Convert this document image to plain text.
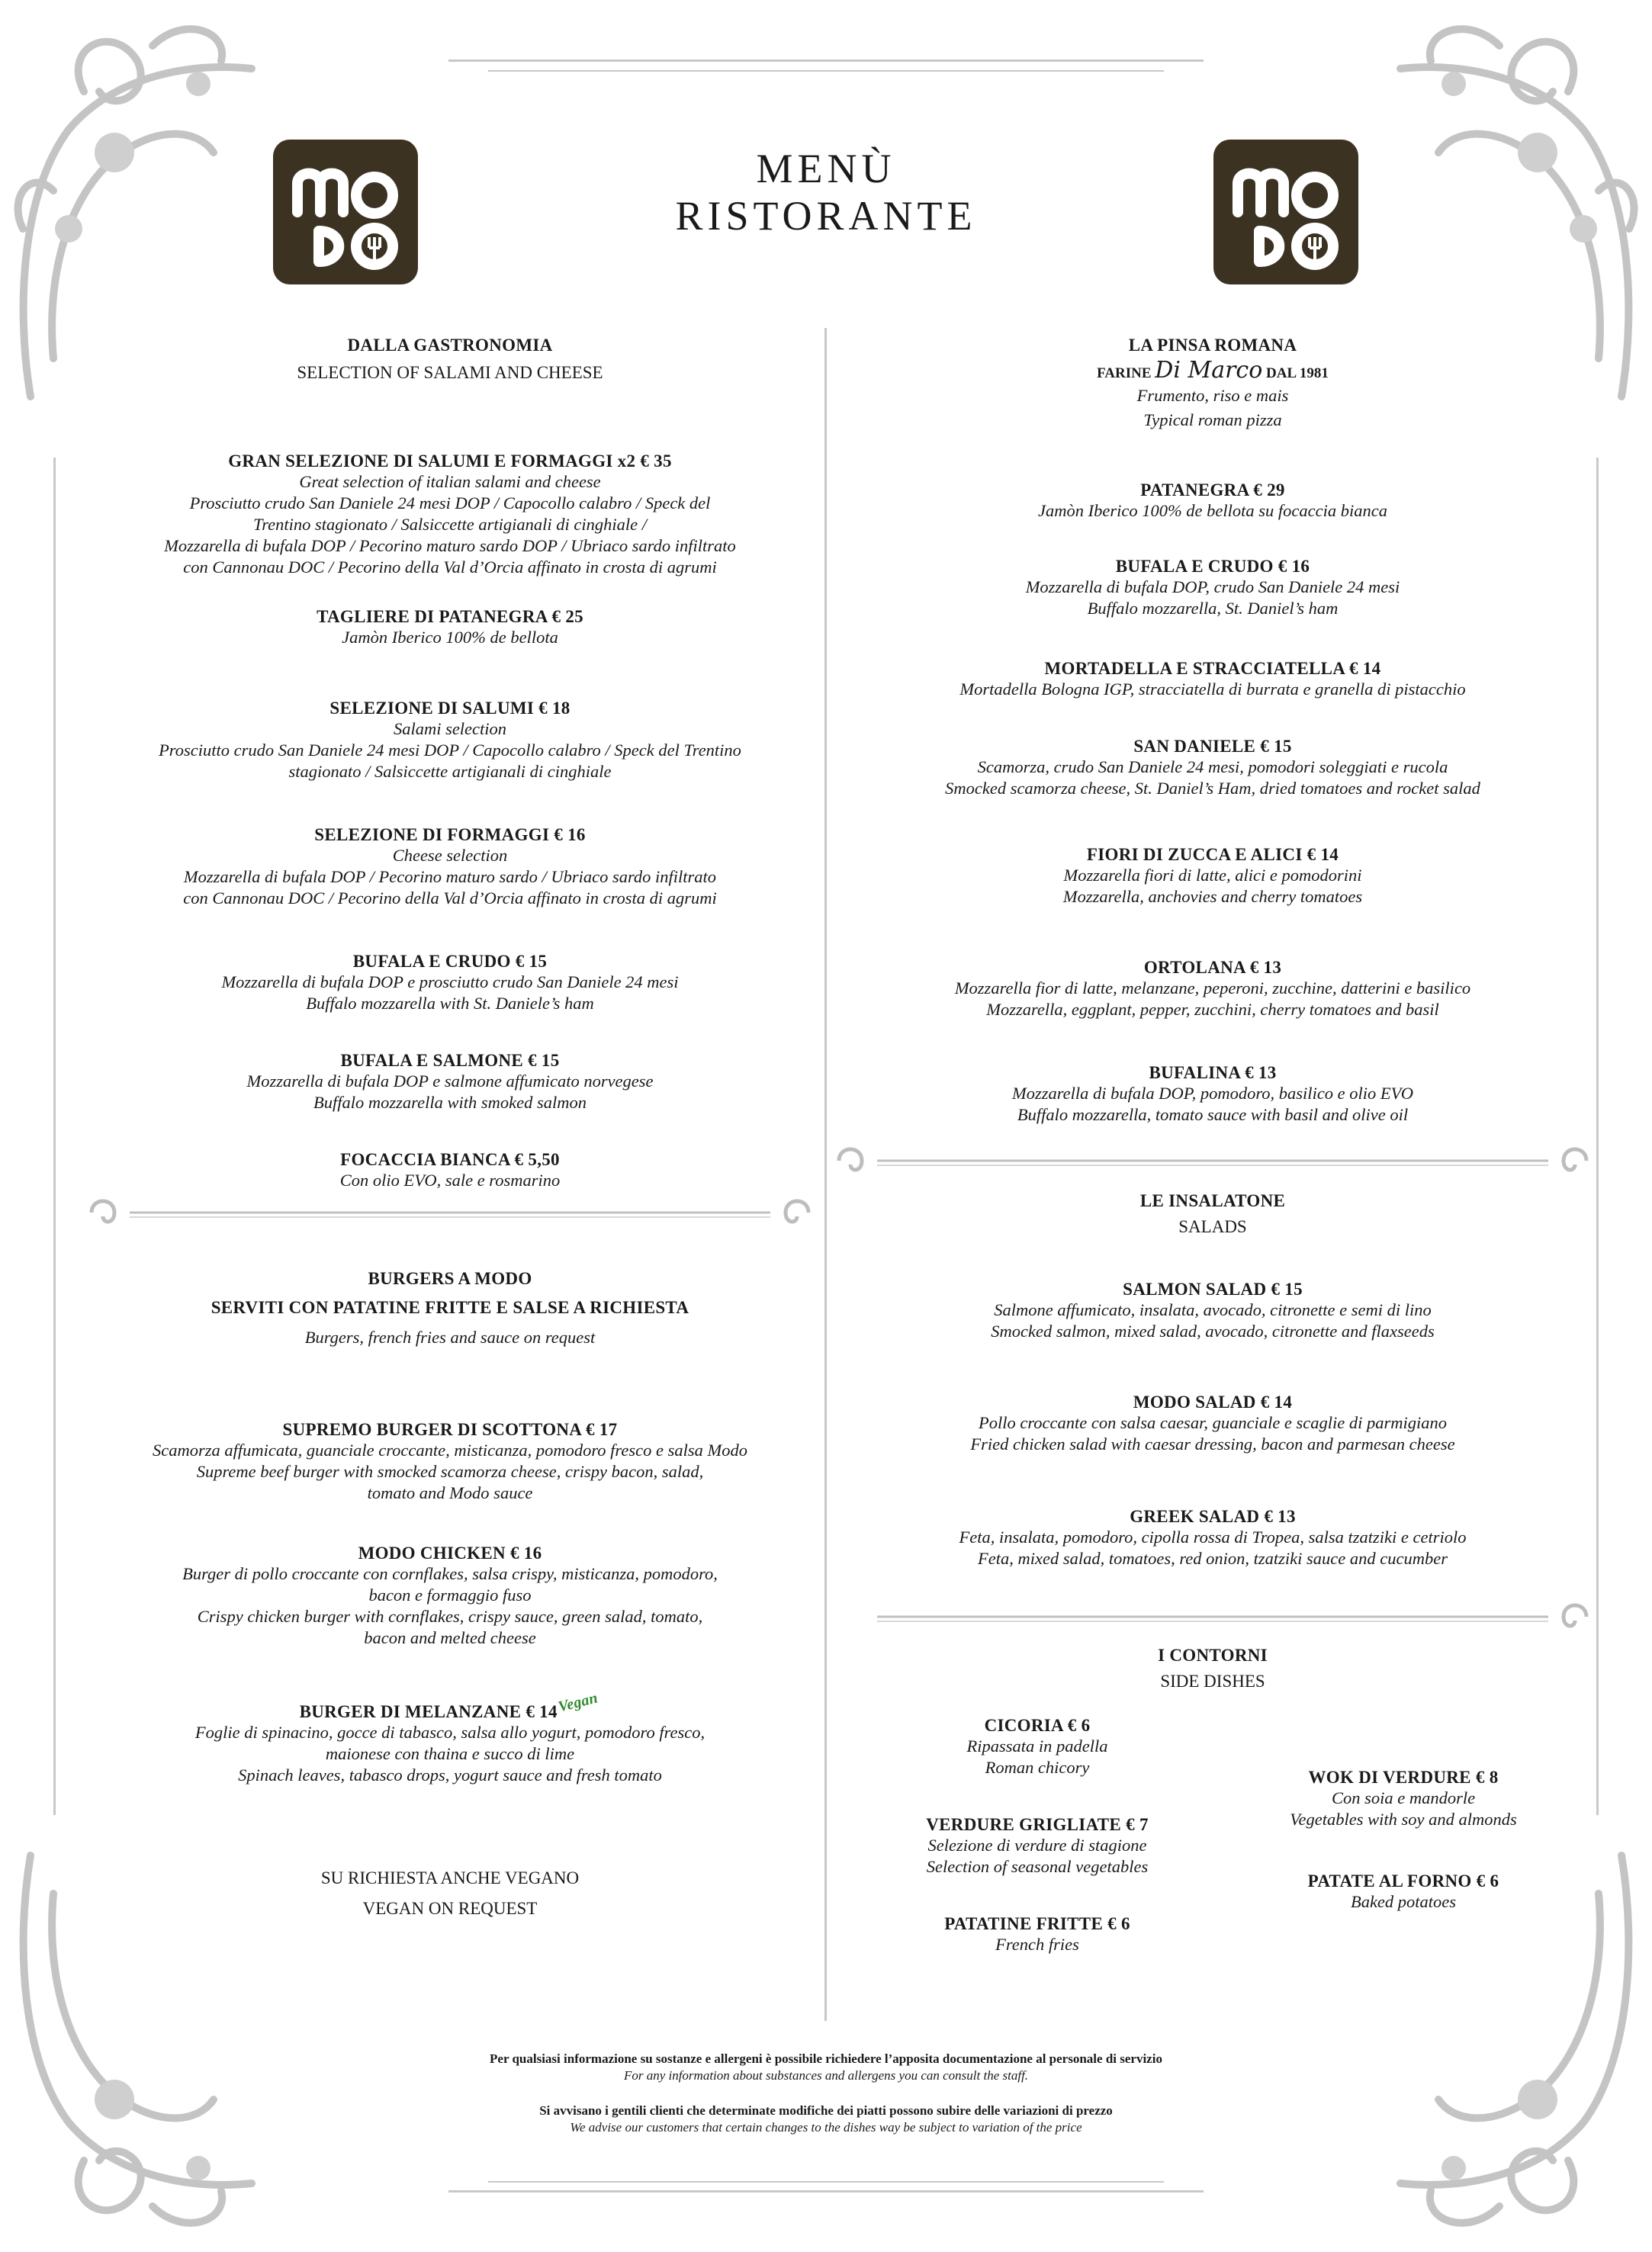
MENÙ
RISTORANTE
DALLA GASTRONOMIA
SELECTION OF SALAMI AND CHEESE
GRAN SELEZIONE DI SALUMI E FORMAGGI x2 € 35
Great selection of italian salami and cheese
Prosciutto crudo San Daniele 24 mesi DOP / Capocollo calabro / Speck del
Trentino stagionato / Salsiccette artigianali di cinghiale /
Mozzarella di bufala DOP / Pecorino maturo sardo DOP / Ubriaco sardo infiltrato
con Cannonau DOC / Pecorino della Val d’Orcia affinato in crosta di agrumi
TAGLIERE DI PATANEGRA € 25
Jamòn Iberico 100% de bellota
SELEZIONE DI SALUMI € 18
Salami selection
Prosciutto crudo San Daniele 24 mesi DOP / Capocollo calabro / Speck del Trentino
stagionato / Salsiccette artigianali di cinghiale
SELEZIONE DI FORMAGGI € 16
Cheese selection
Mozzarella di bufala DOP / Pecorino maturo sardo / Ubriaco sardo infiltrato
con Cannonau DOC / Pecorino della Val d’Orcia affinato in crosta di agrumi
BUFALA E CRUDO € 15
Mozzarella di bufala DOP e prosciutto crudo San Daniele 24 mesi
Buffalo mozzarella with St. Daniele’s ham
BUFALA E SALMONE € 15
Mozzarella di bufala DOP e salmone affumicato norvegese
Buffalo mozzarella with smoked salmon
FOCACCIA BIANCA € 5,50
Con olio EVO, sale e rosmarino
BURGERS A MODO
SERVITI CON PATATINE FRITTE E SALSE A RICHIESTA
Burgers, french fries and sauce on request
SUPREMO BURGER DI SCOTTONA € 17
Scamorza affumicata, guanciale croccante, misticanza, pomodoro fresco e salsa Modo
Supreme beef burger with smocked scamorza cheese, crispy bacon, salad,
tomato and Modo sauce
MODO CHICKEN € 16
Burger di pollo croccante con cornflakes, salsa crispy, misticanza, pomodoro,
bacon e formaggio fuso
Crispy chicken burger with cornflakes, crispy sauce, green salad, tomato,
bacon and melted cheese
BURGER DI MELANZANE € 14Vegan
Foglie di spinacino, gocce di tabasco, salsa allo yogurt, pomodoro fresco,
maionese con thaina e succo di lime
Spinach leaves, tabasco drops, yogurt sauce and fresh tomato
SU RICHIESTA ANCHE VEGANO
VEGAN ON REQUEST
LA PINSA ROMANA
FARINE Di Marco DAL 1981
Frumento, riso e mais
Typical roman pizza
PATANEGRA € 29
Jamòn Iberico 100% de bellota su focaccia bianca
BUFALA E CRUDO € 16
Mozzarella di bufala DOP, crudo San Daniele 24 mesi
Buffalo mozzarella, St. Daniel’s ham
MORTADELLA E STRACCIATELLA € 14
Mortadella Bologna IGP, stracciatella di burrata e granella di pistacchio
SAN DANIELE € 15
Scamorza, crudo San Daniele 24 mesi, pomodori soleggiati e rucola
Smocked scamorza cheese, St. Daniel’s Ham, dried tomatoes and rocket salad
FIORI DI ZUCCA E ALICI € 14
Mozzarella fiori di latte, alici e pomodorini
Mozzarella, anchovies and cherry tomatoes
ORTOLANA € 13
Mozzarella fior di latte, melanzane, peperoni, zucchine, datterini e basilico
Mozzarella, eggplant, pepper, zucchini, cherry tomatoes and basil
BUFALINA € 13
Mozzarella di bufala DOP, pomodoro, basilico e olio EVO
Buffalo mozzarella, tomato sauce with basil and olive oil
LE INSALATONE
SALADS
SALMON SALAD € 15
Salmone affumicato, insalata, avocado, citronette e semi di lino
Smocked salmon, mixed salad, avocado, citronette and flaxseeds
MODO SALAD € 14
Pollo croccante con salsa caesar, guanciale e scaglie di parmigiano
Fried chicken salad with caesar dressing, bacon and parmesan cheese
GREEK SALAD € 13
Feta, insalata, pomodoro, cipolla rossa di Tropea, salsa tzatziki e cetriolo
Feta, mixed salad, tomatoes, red onion, tzatziki sauce and cucumber
I CONTORNI
SIDE DISHES
CICORIA € 6
Ripassata in padella
Roman chicory
VERDURE GRIGLIATE € 7
Selezione di verdure di stagione
Selection of seasonal vegetables
PATATINE FRITTE € 6
French fries
WOK DI VERDURE € 8
Con soia e mandorle
Vegetables with soy and almonds
PATATE AL FORNO € 6
Baked potatoes
Per qualsiasi informazione su sostanze e allergeni è possibile richiedere l’apposita documentazione al personale di servizio
For any information about substances and allergens you can consult the staff.
Si avvisano i gentili clienti che determinate modifiche dei piatti possono subire delle variazioni di prezzo
We advise our customers that certain changes to the dishes way be subject to variation of the price
